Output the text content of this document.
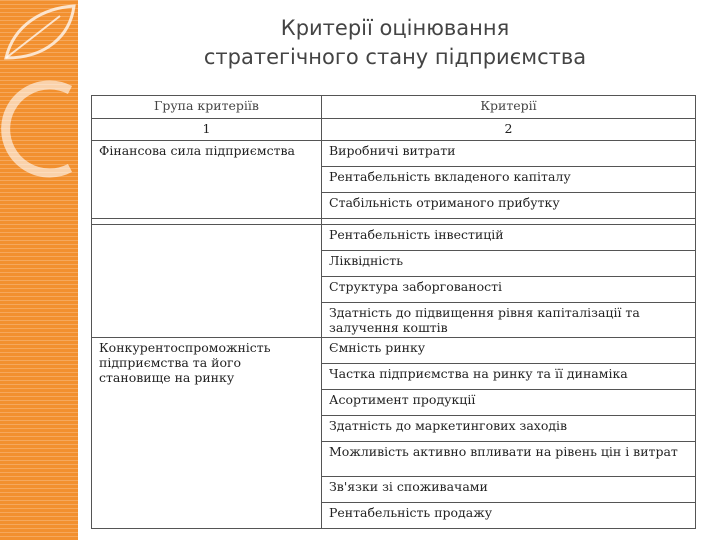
Критерії оцінювання
стратегічного стану підприємства
Група критеріїв	Критерії
1	2
Фінансова сила підприємства	Виробничі витрати
	Рентабельність вкладеного капіталу
	Стабільність отриманого прибутку

	Рентабельність інвестицій
	Ліквідність
	Структура заборгованості
	Здатність до підвищення рівня капіталізації та залучення коштів
Конкурентоспроможність підприємства та його становище на ринку	Ємність ринку
	Частка підприємства на ринку та її динаміка
	Асортимент продукції
	Здатність до маркетингових заходів
	Можливість активно впливати на рівень цін і витрат
	Зв'язки зі споживачами
	Рентабельність продажу
